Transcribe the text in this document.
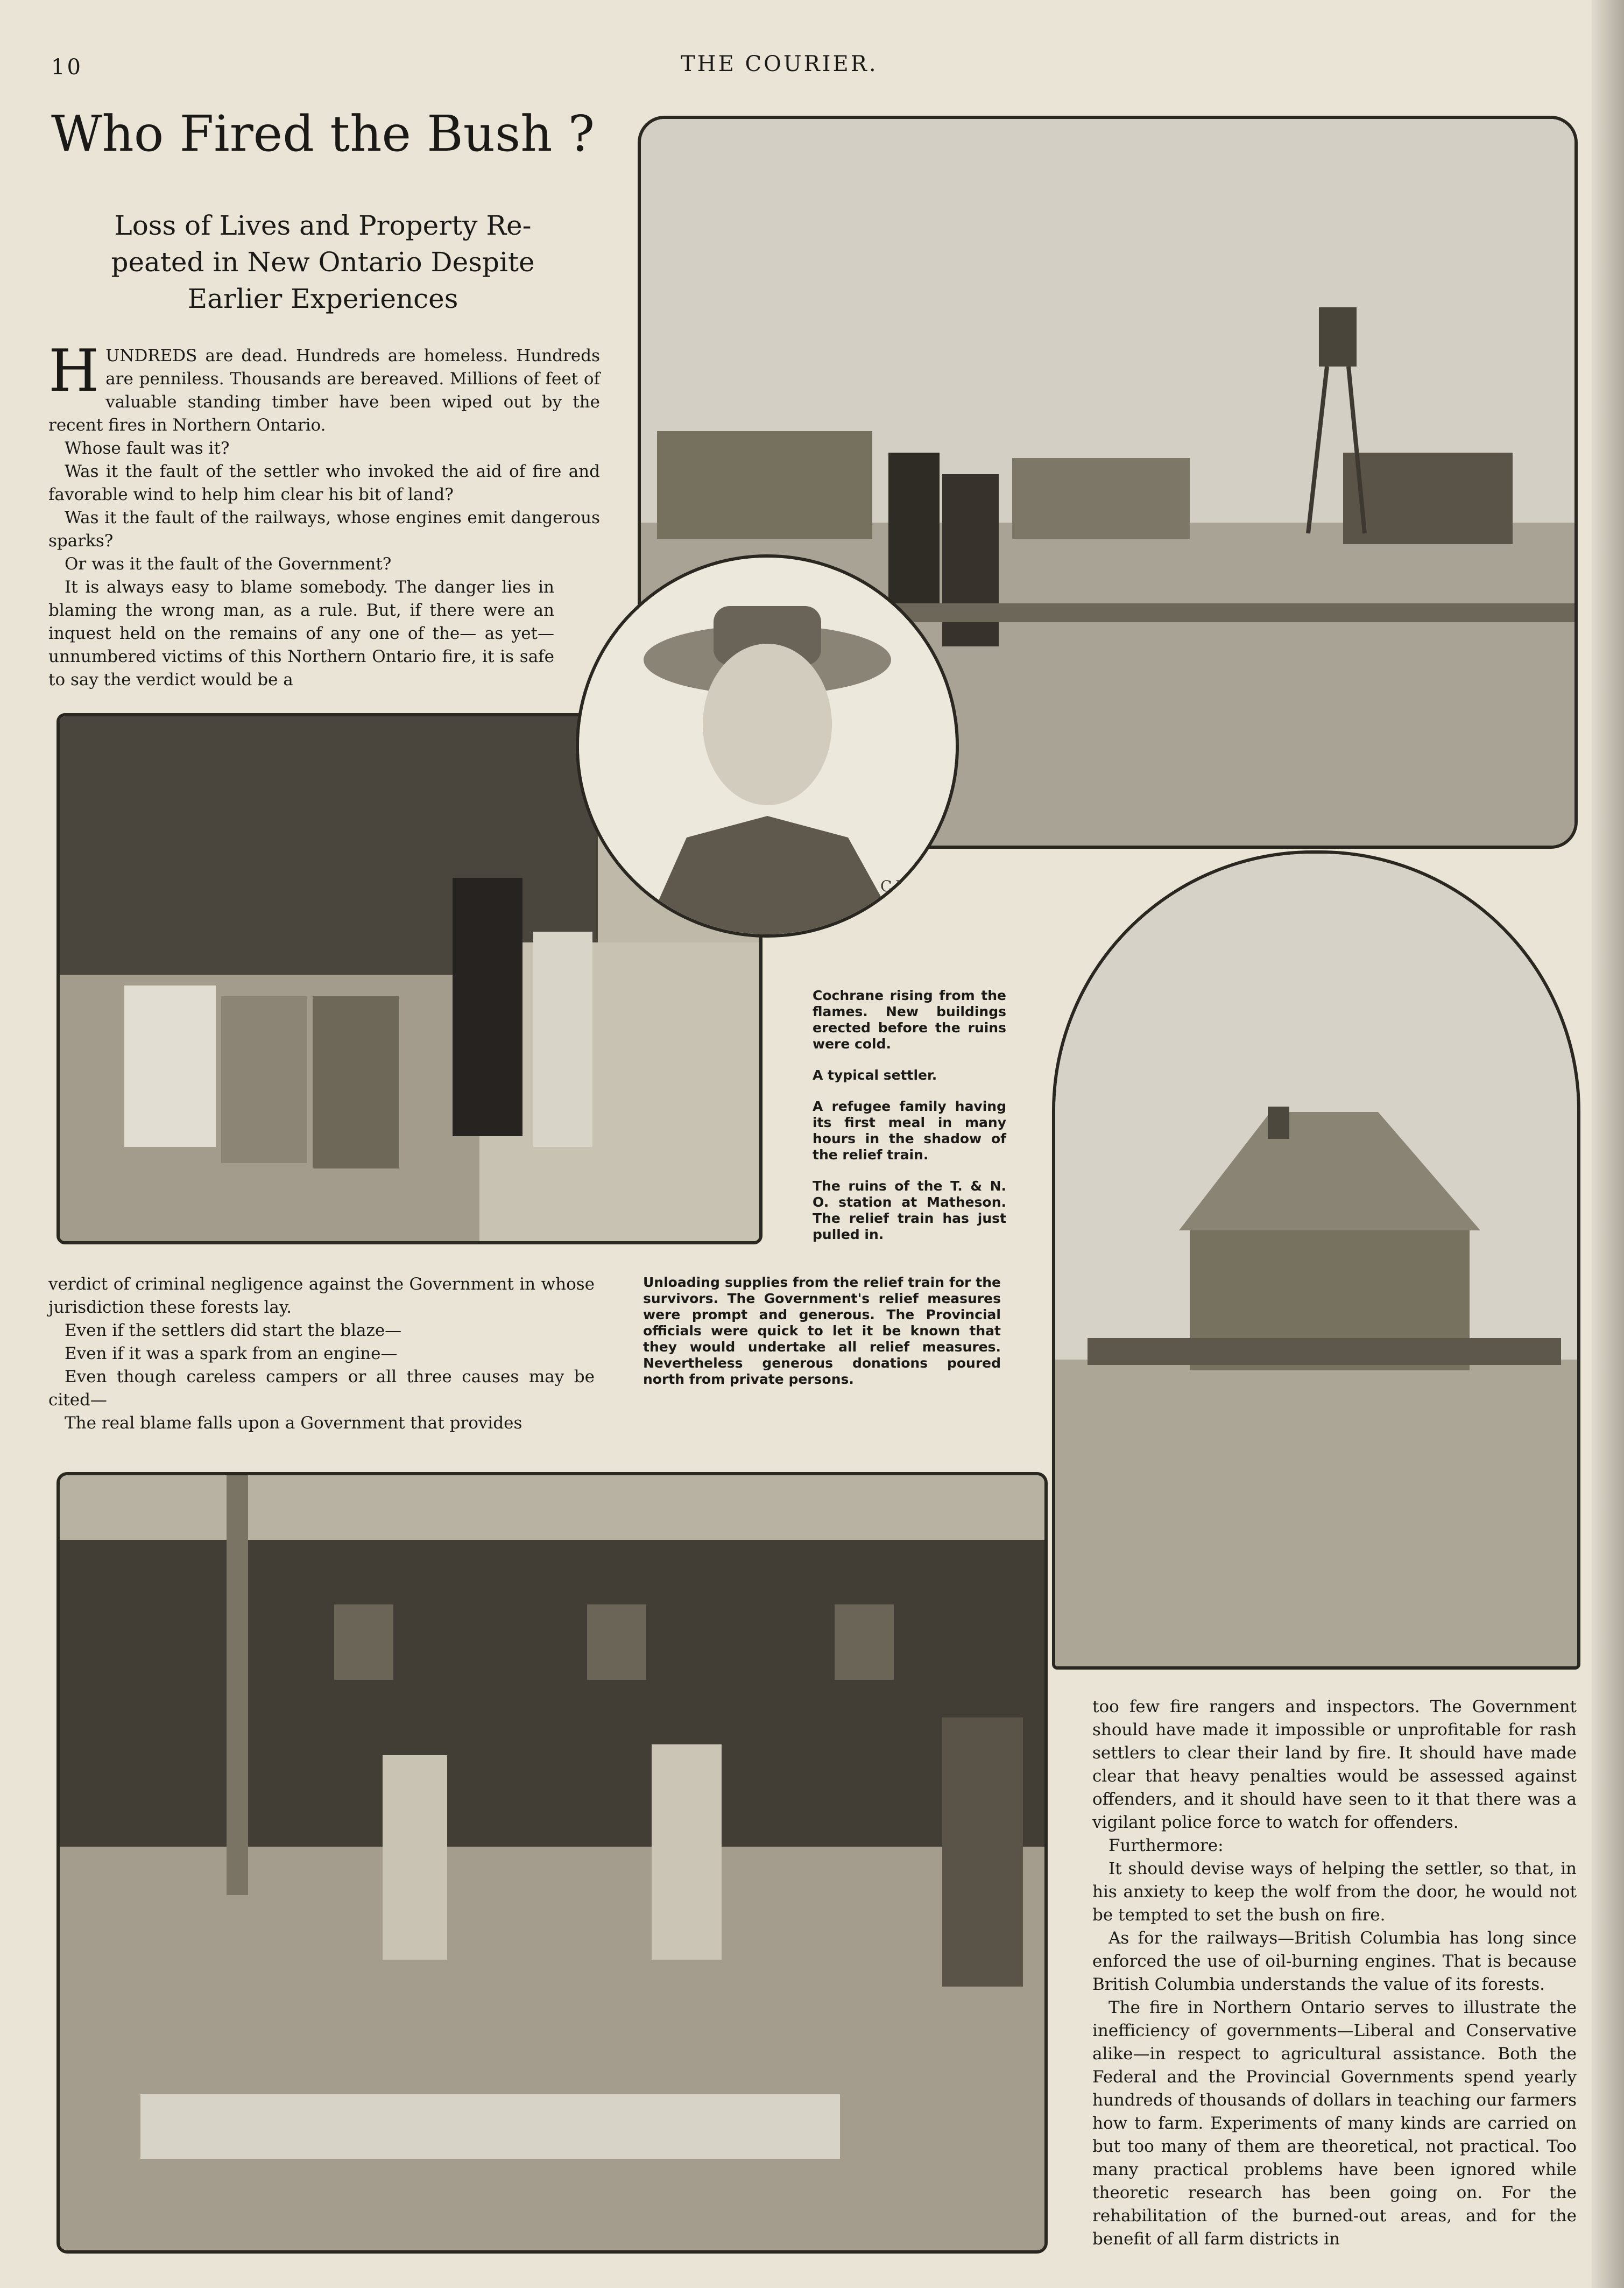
10	THE COURIER.
Who Fired the Bush ?
Loss of Lives and Property Re-
peated in New Ontario Despite
Earlier Experiences

HUNDREDS are dead. Hundreds are homeless. Hundreds are penniless. Thousands are bereaved. Millions of feet of valuable standing timber have been wiped out by the recent fires in Northern Ontario.

Whose fault was it?

Was it the fault of the settler who invoked the aid of fire and favorable wind to help him clear his bit of land?

Was it the fault of the railways, whose engines emit dangerous sparks?

Or was it the fault of the Government?

It is always easy to blame somebody. The danger lies in blaming the wrong man, as a rule. But, if there were an inquest held on the remains of any one of the— as yet—unnumbered victims of this Northern Ontario fire, it is safe to say the verdict would be a

verdict of criminal negligence against the Government in whose jurisdiction these forests lay.

Even if the settlers did start the blaze—

Even if it was a spark from an engine—

Even though careless campers or all three causes may be cited—

The real blame falls upon a Government that provides

Cochrane rising from the flames. New buildings erected before the ruins were cold.

A typical settler.

A refugee family having its first meal in many hours in the shadow of the relief train.

The ruins of the T. & N. O. station at Matheson. The relief train has just pulled in.

Unloading supplies from the relief train for the survivors. The Government's relief measures were prompt and generous. The Provincial officials were quick to let it be known that they would undertake all relief measures. Nevertheless generous donations poured north from private persons.

too few fire rangers and inspectors. The Government should have made it impossible or unprofitable for rash settlers to clear their land by fire. It should have made clear that heavy penalties would be assessed against offenders, and it should have seen to it that there was a vigilant police force to watch for offenders.

Furthermore:

It should devise ways of helping the settler, so that, in his anxiety to keep the wolf from the door, he would not be tempted to set the bush on fire.

As for the railways—British Columbia has long since enforced the use of oil-burning engines. That is because British Columbia understands the value of its forests.

The fire in Northern Ontario serves to illustrate the inefficiency of governments—Liberal and Conservative alike—in respect to agricultural assistance. Both the Federal and the Provincial Governments spend yearly hundreds of thousands of dollars in teaching our farmers how to farm. Experiments of many kinds are carried on but too many of them are theoretical, not practical. Too many practical problems have been ignored while theoretic research has been going on. For the rehabilitation of the burned-out areas, and for the benefit of all farm districts in

C.W.J.
